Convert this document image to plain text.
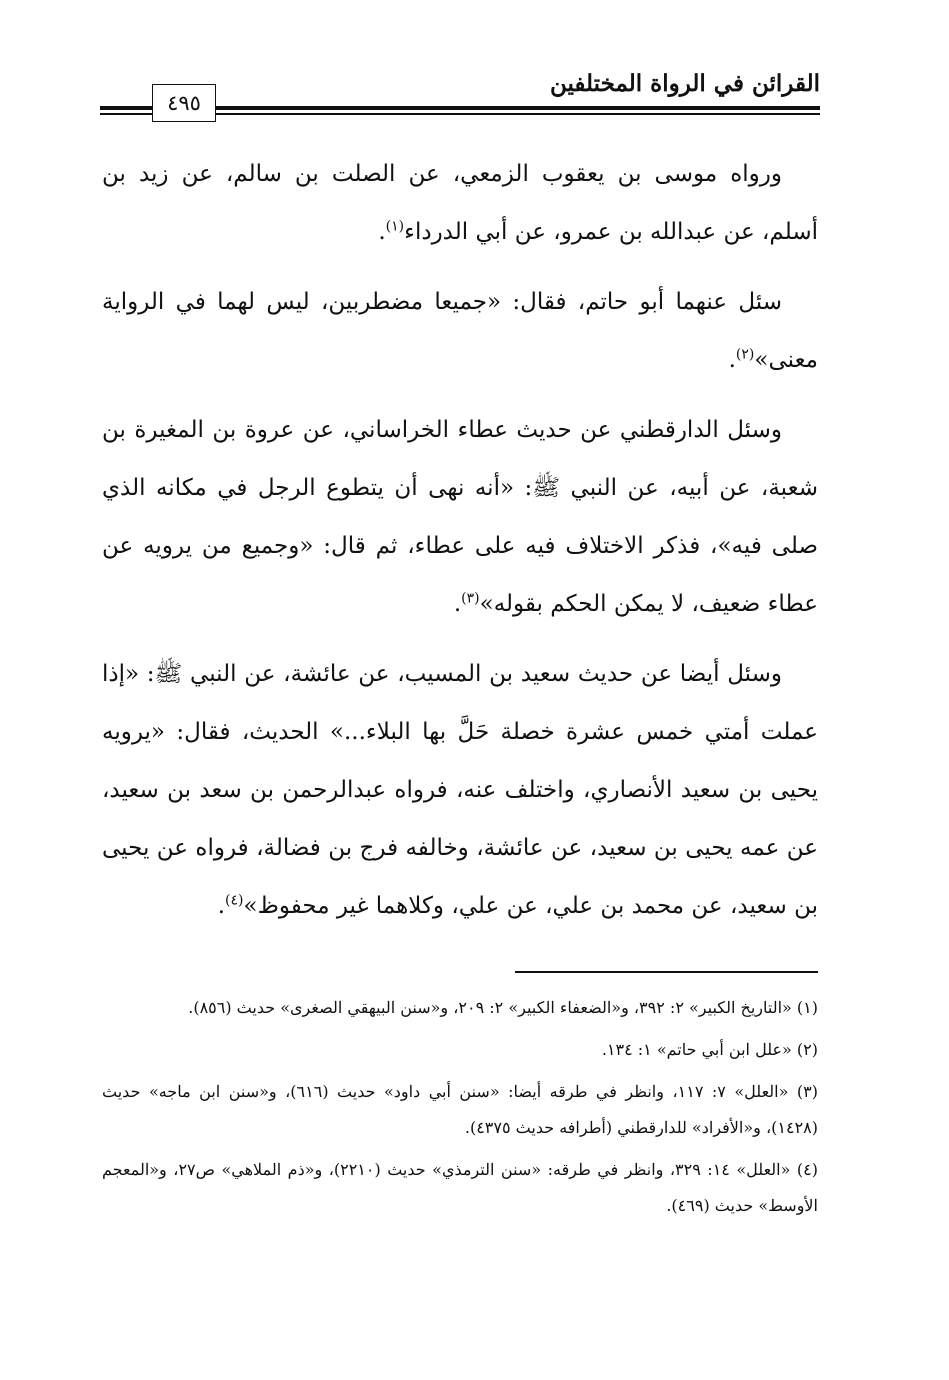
القرائن في الرواة المختلفين
٤٩٥

ورواه موسى بن يعقوب الزمعي، عن الصلت بن سالم، عن زيد بن أسلم، عن عبدالله بن عمرو، عن أبي الدرداء$^{(١)}$.

سئل عنهما أبو حاتم، فقال: «جميعا مضطربين، ليس لهما في الرواية معنى»$^{(٢)}$.

وسئل الدارقطني عن حديث عطاء الخراساني، عن عروة بن المغيرة بن شعبة، عن أبيه، عن النبي ﷺ: «أنه نهى أن يتطوع الرجل في مكانه الذي صلى فيه»، فذكر الاختلاف فيه على عطاء، ثم قال: «وجميع من يرويه عن عطاء ضعيف، لا يمكن الحكم بقوله»$^{(٣)}$.

وسئل أيضا عن حديث سعيد بن المسيب، عن عائشة، عن النبي ﷺ: «إذا عملت أمتي خمس عشرة خصلة حَلَّ بها البلاء...» الحديث، فقال: «يرويه يحيى بن سعيد الأنصاري، واختلف عنه، فرواه عبدالرحمن بن سعد بن سعيد، عن عمه يحيى بن سعيد، عن عائشة، وخالفه فرج بن فضالة، فرواه عن يحيى بن سعيد، عن محمد بن علي، عن علي، وكلاهما غير محفوظ»$^{(٤)}$.

(١) «التاريخ الكبير» ٢: ٣٩٢، و«الضعفاء الكبير» ٢: ٢٠٩، و«سنن البيهقي الصغرى» حديث (٨٥٦).

(٢) «علل ابن أبي حاتم» ١: ١٣٤.

(٣) «العلل» ٧: ١١٧، وانظر في طرقه أيضا: «سنن أبي داود» حديث (٦١٦)، و«سنن ابن ماجه» حديث (١٤٢٨)، و«الأفراد» للدارقطني (أطرافه حديث ٤٣٧٥).

(٤) «العلل» ١٤: ٣٢٩، وانظر في طرقه: «سنن الترمذي» حديث (٢٢١٠)، و«ذم الملاهي» ص٢٧، و«المعجم الأوسط» حديث (٤٦٩).
